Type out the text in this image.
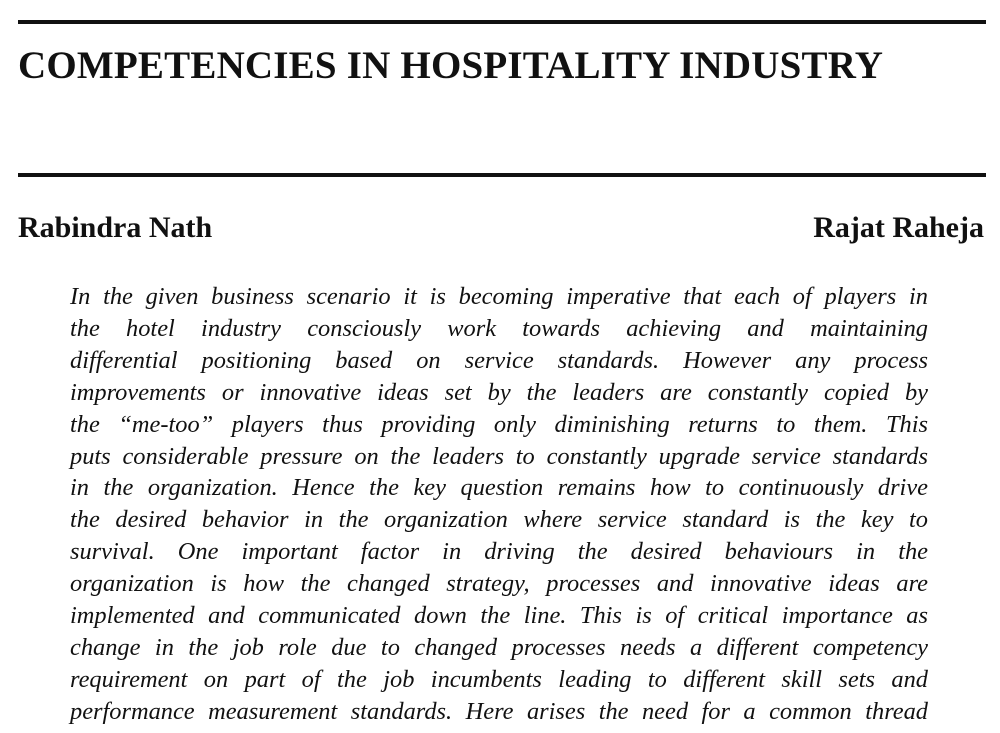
COMPETENCIES IN HOSPITALITY INDUSTRY
Rabindra Nath	Rajat Raheja
In the given business scenario it is becoming imperative that each of players in
the hotel industry consciously work towards achieving and maintaining
differential positioning based on service standards. However any process
improvements or innovative ideas set by the leaders are constantly copied by
the “me-too” players thus providing only diminishing returns to them. This
puts considerable pressure on the leaders to constantly upgrade service standards
in the organization. Hence the key question remains how to continuously drive
the desired behavior in the organization where service standard is the key to
survival. One important factor in driving the desired behaviours in the
organization is how the changed strategy, processes and innovative ideas are
implemented and communicated down the line. This is of critical importance as
change in the job role due to changed processes needs a different competency
requirement on part of the job incumbents leading to different skill sets and
performance measurement standards. Here arises the need for a common thread
